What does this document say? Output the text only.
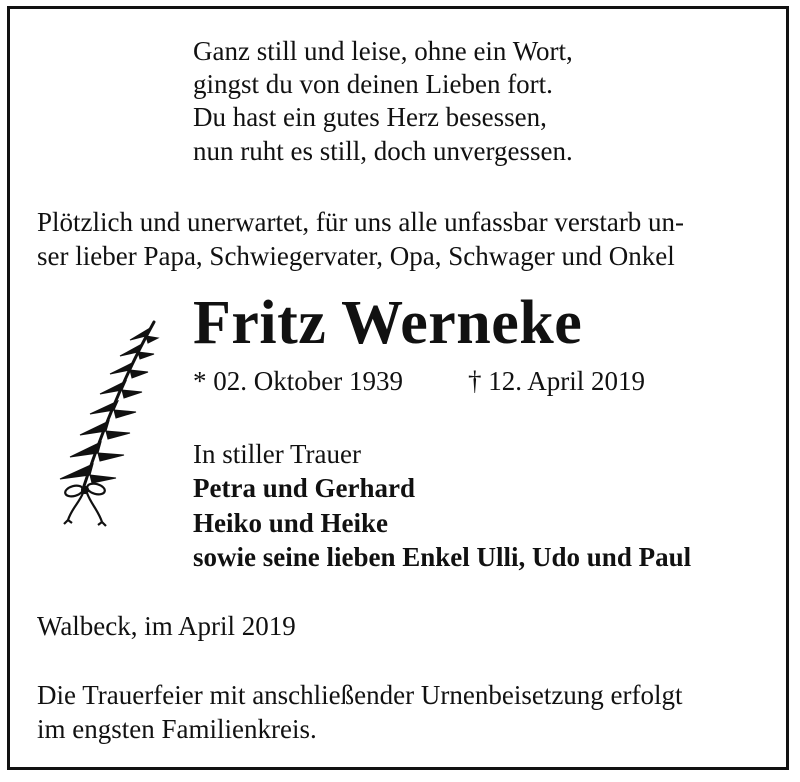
Ganz still und leise, ohne ein Wort,
gingst du von deinen Lieben fort.
Du hast ein gutes Herz besessen,
nun ruht es still, doch unvergessen.
Plötzlich und unerwartet, für uns alle unfassbar verstarb un-
ser lieber Papa, Schwiegervater, Opa, Schwager und Onkel
Fritz Werneke
* 02. Oktober 1939 † 12. April 2019
In stiller Trauer
Petra und Gerhard
Heiko und Heike
sowie seine lieben Enkel Ulli, Udo und Paul
Walbeck, im April 2019
Die Trauerfeier mit anschließender Urnenbeisetzung erfolgt
im engsten Familienkreis.
